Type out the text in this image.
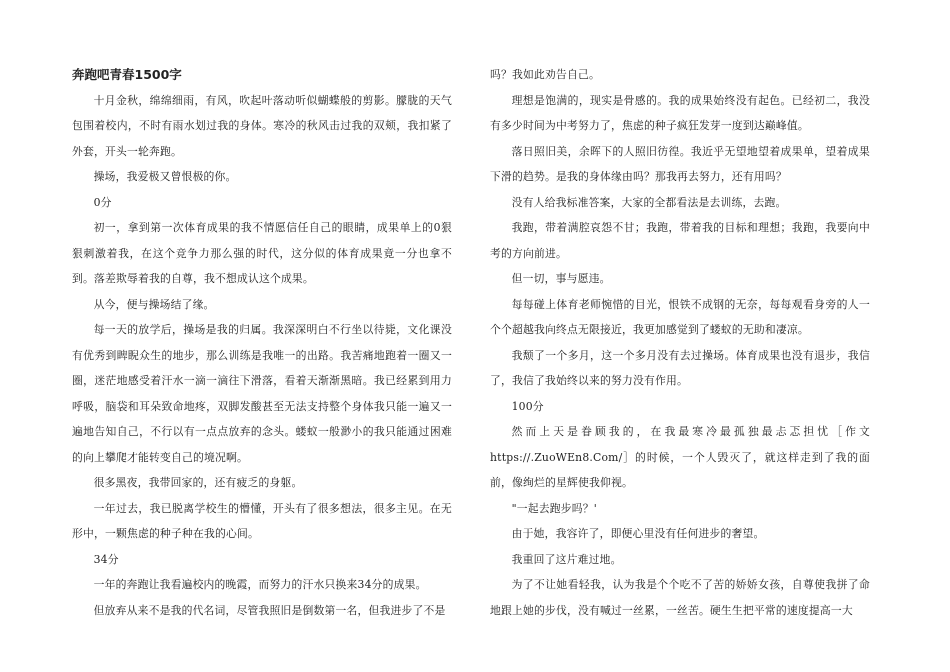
奔跑吧青春1500字

十月金秋，绵绵细雨，有风，吹起叶落动听似蝴蝶般的剪影。朦胧的天气包围着校内，不时有雨水划过我的身体。寒冷的秋风击过我的双颊，我扣紧了外套，开头一轮奔跑。

操场，我爱极又曾恨极的你。

0分

初一，拿到第一次体育成果的我不情愿信任自己的眼睛，成果单上的0狠狠刺激着我，在这个竞争力那么强的时代，这分似的体育成果竟一分也拿不到。落差欺辱着我的自尊，我不想成认这个成果。

从今，便与操场结了缘。

每一天的放学后，操场是我的归属。我深深明白不行坐以待毙，文化课没有优秀到睥睨众生的地步，那么训练是我唯一的出路。我苦痛地跑着一圈又一圈，迷茫地感受着汗水一滴一滴往下滑落，看着天渐渐黑暗。我已经累到用力呼吸，脑袋和耳朵致命地疼，双脚发酸甚至无法支持整个身体我只能一遍又一遍地告知自己，不行以有一点点放弃的念头。蝼蚁一般渺小的我只能通过困难的向上攀爬才能转变自己的境况啊。

很多黑夜，我带回家的，还有疲乏的身躯。

一年过去，我已脱离学校生的懵懂，开头有了很多想法，很多主见。在无形中，一颗焦虑的种子种在我的心间。

34分

一年的奔跑让我看遍校内的晚霞，而努力的汗水只换来34分的成果。

但放弃从来不是我的代名词，尽管我照旧是倒数第一名，但我进步了不是

吗？我如此劝告自己。

理想是饱满的，现实是骨感的。我的成果始终没有起色。已经初二，我没有多少时间为中考努力了，焦虑的种子疯狂发芽一度到达巅峰值。

落日照旧美，余晖下的人照旧彷徨。我近乎无望地望着成果单，望着成果下滑的趋势。是我的身体缘由吗？那我再去努力，还有用吗？

没有人给我标准答案，大家的全都看法是去训练，去跑。

我跑，带着满腔哀怨不甘；我跑，带着我的目标和理想；我跑，我要向中考的方向前进。

但一切，事与愿违。

每每碰上体育老师惋惜的目光，恨铁不成钢的无奈，每每观看身旁的人一个个超越我向终点无限接近，我更加感觉到了蝼蚁的无助和凄凉。

我颓了一个多月，这一个多月没有去过操场。体育成果也没有退步，我信了，我信了我始终以来的努力没有作用。

100分

然而上天是眷顾我的，在我最寒冷最孤独最忐忑担忧［作文https://.ZuoWEn8.Com/］的时候，一个人毁灭了，就这样走到了我的面前，像绚烂的星辉使我仰视。

"一起去跑步吗？'

由于她，我容许了，即便心里没有任何进步的奢望。

我重回了这片难过地。

为了不让她看轻我，认为我是个个吃不了苦的娇娇女孩，自尊使我拼了命地跟上她的步伐，没有喊过一丝累，一丝苦。硬生生把平常的速度提高一大
